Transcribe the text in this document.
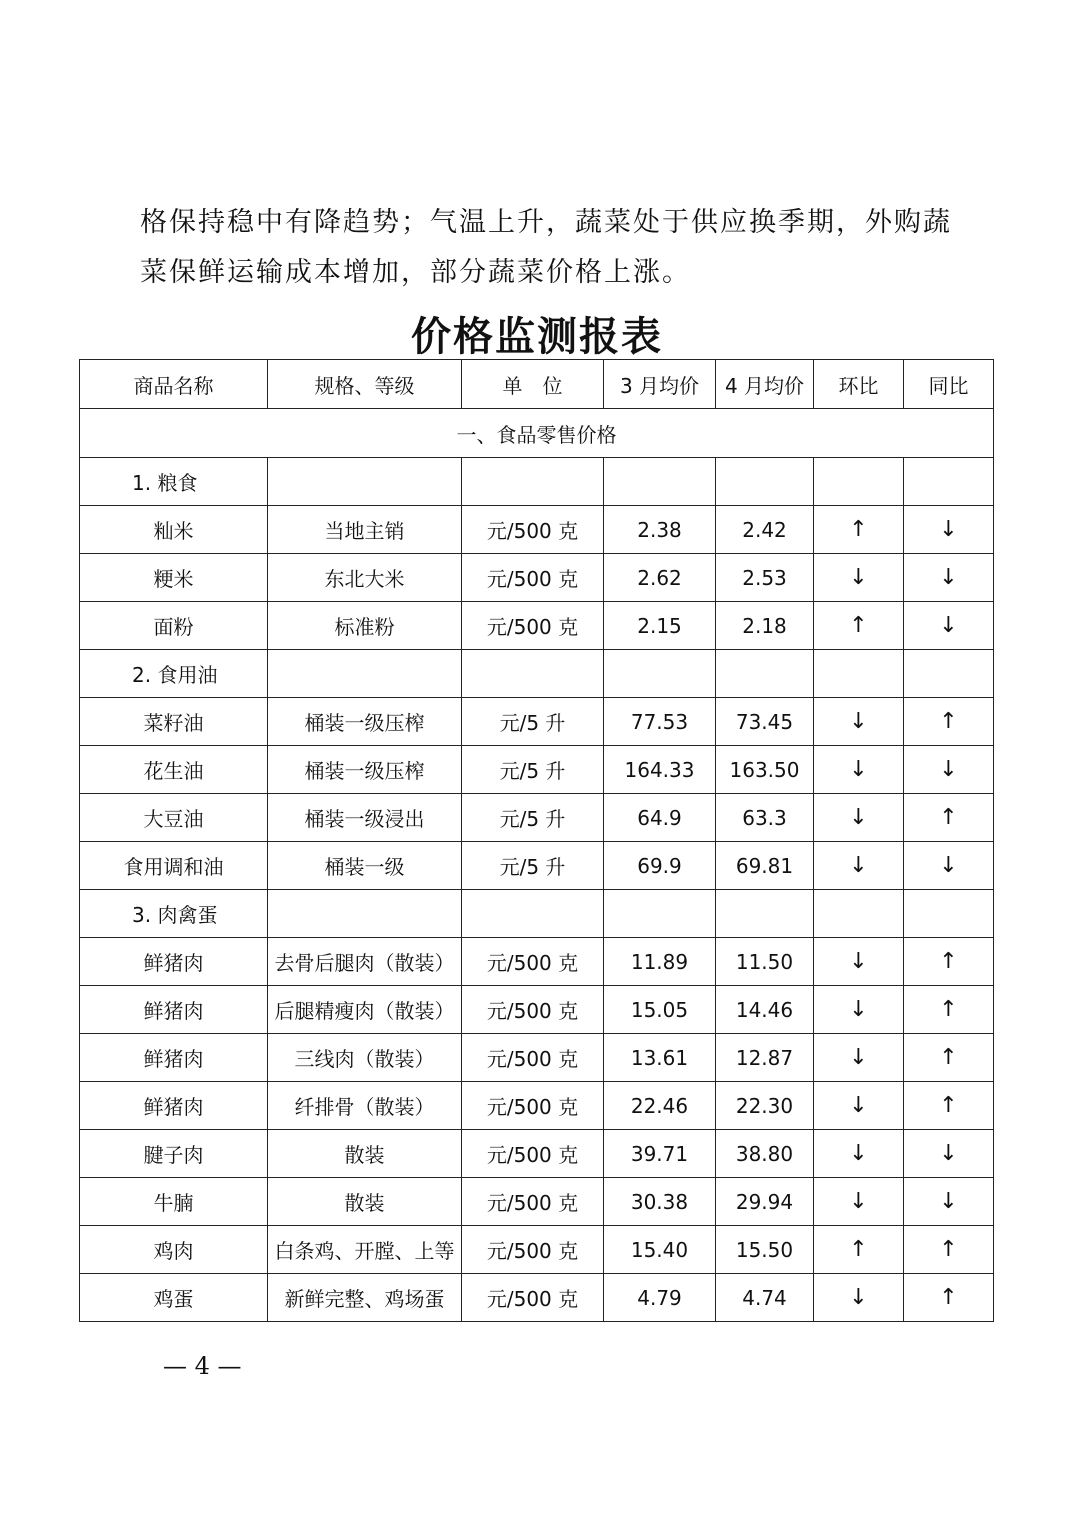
格保持稳中有降趋势；气温上升，蔬菜处于供应换季期，外购蔬

菜保鲜运输成本增加，部分蔬菜价格上涨。

价格监测报表
商品名称	规格、等级	单　位	3 月均价	4 月均价	环比	同比
一、食品零售价格						
1. 粮食						
籼米	当地主销	元/500 克	2.38	2.42	↑	↓
粳米	东北大米	元/500 克	2.62	2.53	↓	↓
面粉	标准粉	元/500 克	2.15	2.18	↑	↓
2. 食用油						
菜籽油	桶装一级压榨	元/5 升	77.53	73.45	↓	↑
花生油	桶装一级压榨	元/5 升	164.33	163.50	↓	↓
大豆油	桶装一级浸出	元/5 升	64.9	63.3	↓	↑
食用调和油	桶装一级	元/5 升	69.9	69.81	↓	↓
3. 肉禽蛋						
鲜猪肉	去骨后腿肉（散装）	元/500 克	11.89	11.50	↓	↑
鲜猪肉	后腿精瘦肉（散装）	元/500 克	15.05	14.46	↓	↑
鲜猪肉	三线肉（散装）	元/500 克	13.61	12.87	↓	↑
鲜猪肉	纤排骨（散装）	元/500 克	22.46	22.30	↓	↑
腱子肉	散装	元/500 克	39.71	38.80	↓	↓
牛腩	散装	元/500 克	30.38	29.94	↓	↓
鸡肉	白条鸡、开膛、上等	元/500 克	15.40	15.50	↑	↑
鸡蛋	新鲜完整、鸡场蛋	元/500 克	4.79	4.74	↓	↑
— 4 —
